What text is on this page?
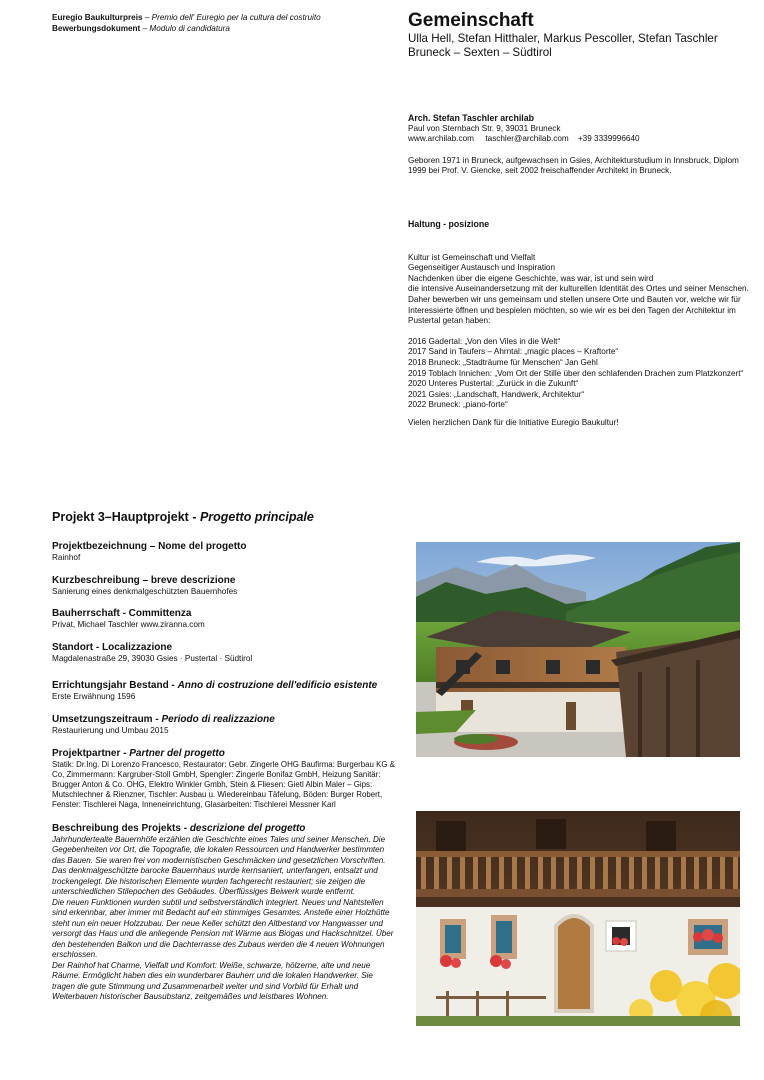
Euregio Baukulturpreis – Premio dell' Euregio per la cultura del costruito
Bewerbungsdokument – Modulo di candidatura	Gemeinschaft
Ulla Hell, Stefan Hitthaler, Markus Pescoller, Stefan Taschler
Bruneck – Sexten – Südtirol
Arch. Stefan Taschler archilab
Paul von Sternbach Str. 9, 39031 Bruneck
www.archilab.com taschler@archilab.com +39 3339996640
Geboren 1971 in Bruneck, aufgewachsen in Gsies, Architekturstudium in Innsbruck, Diplom 1999 bei Prof. V. Giencke, seit 2002 freischaffender Architekt in Bruneck.
Haltung - posizione
Kultur ist Gemeinschaft und Vielfalt
Gegenseitiger Austausch und Inspiration
Nachdenken über die eigene Geschichte, was war, ist und sein wird
die intensive Auseinandersetzung mit der kulturellen Identität des Ortes und seiner Menschen.
Daher bewerben wir uns gemeinsam und stellen unsere Orte und Bauten vor, welche wir für Interessierte öffnen und bespielen möchten, so wie wir es bei den Tagen der Architektur im Pustertal getan haben:
2016 Gadertal: „Von den Viles in die Welt“
2017 Sand in Taufers – Ahrntal: „magic places – Kraftorte“
2018 Bruneck: „Stadträume für Menschen“ Jan Gehl
2019 Toblach Innichen: „Vom Ort der Stille über den schlafenden Drachen zum Platzkonzert“
2020 Unteres Pustertal: „Zurück in die Zukunft“
2021 Gsies: „Landschaft, Handwerk, Architektur“
2022 Bruneck: „piano-forte“
Vielen herzlichen Dank für die Initiative Euregio Baukultur!
Projekt 3–Hauptprojekt - Progetto principale
Projektbezeichnung – Nome del progetto
Rainhof
Kurzbeschreibung – breve descrizione
Sanierung eines denkmalgeschützten Bauernhofes
Bauherrschaft - Committenza
Privat, Michael Taschler www.ziranna.com
Standort - Localizzazione
Magdalenastraße 29, 39030 Gsies · Pustertal · Südtirol
Errichtungsjahr Bestand - Anno di costruzione dell'edificio esistente
Erste Erwähnung 1596
Umsetzungszeitraum - Periodo di realizzazione
Restaurierung und Umbau 2015
Projektpartner - Partner del progetto
Statik: Dr.Ing. Di Lorenzo Francesco, Restaurator: Gebr. Zingerle OHG Baufirma: Burgerbau KG & Co, Zimmermann: Kargruber-Stoll GmbH, Spengler: Zingerle Bonifaz GmbH, Heizung Sanitär: Brugger Anton & Co. OHG, Elektro Winkler Gmbh, Stein & Fliesen: Gietl Albin Maler – Gips: Mutschlechner & Rienzner, Tischler: Ausbau u. Wiedereinbau Täfelung, Böden: Burger Robert, Fenster: Tischlerei Naga, Inneneinrichtung, Glasarbeiten: Tischlerei Messner Karl
Beschreibung des Projekts - descrizione del progetto
Jahrhundertealte Bauernhöfe erzählen die Geschichte eines Tales und seiner Menschen. Die Gegebenheiten vor Ort, die Topografie, die lokalen Ressourcen und Handwerker bestimmten das Bauen. Sie waren frei von modernistischen Geschmäcken und gesetzlichen Vorschriften.
Das denkmalgeschützte barocke Bauernhaus wurde kernsaniert, unterfangen, entsalzt und trockengelegt. Die historischen Elemente wurden fachgerecht restauriert; sie zeigen die unterschiedlichen Stilepochen des Gebäudes. Überflüssiges Beiwerk wurde entfernt.
Die neuen Funktionen wurden subtil und selbstverständlich integriert. Neues und Nahtstellen sind erkennbar, aber immer mit Bedacht auf ein stimmiges Gesamtes. Anstelle einer Holzhütte steht nun ein neuer Holzzubau. Der neue Keller schützt den Altbestand vor Hangwasser und versorgt das Haus und die anliegende Pension mit Wärme aus Biogas und Hackschnitzel. Über den bestehenden Balkon und die Dachterrasse des Zubaus werden die 4 neuen Wohnungen erschlossen.
Der Rainhof hat Charme, Vielfalt und Komfort: Weiße, schwarze, hölzerne, alte und neue Räume. Ermöglicht haben dies ein wunderbarer Bauherr und die lokalen Handwerker. Sie tragen die gute Stimmung und Zusammenarbeit weiter und sind Vorbild für Erhalt und Weiterbauen historischer Bausubstanz, zeitgemäßes und leistbares Wohnen.
